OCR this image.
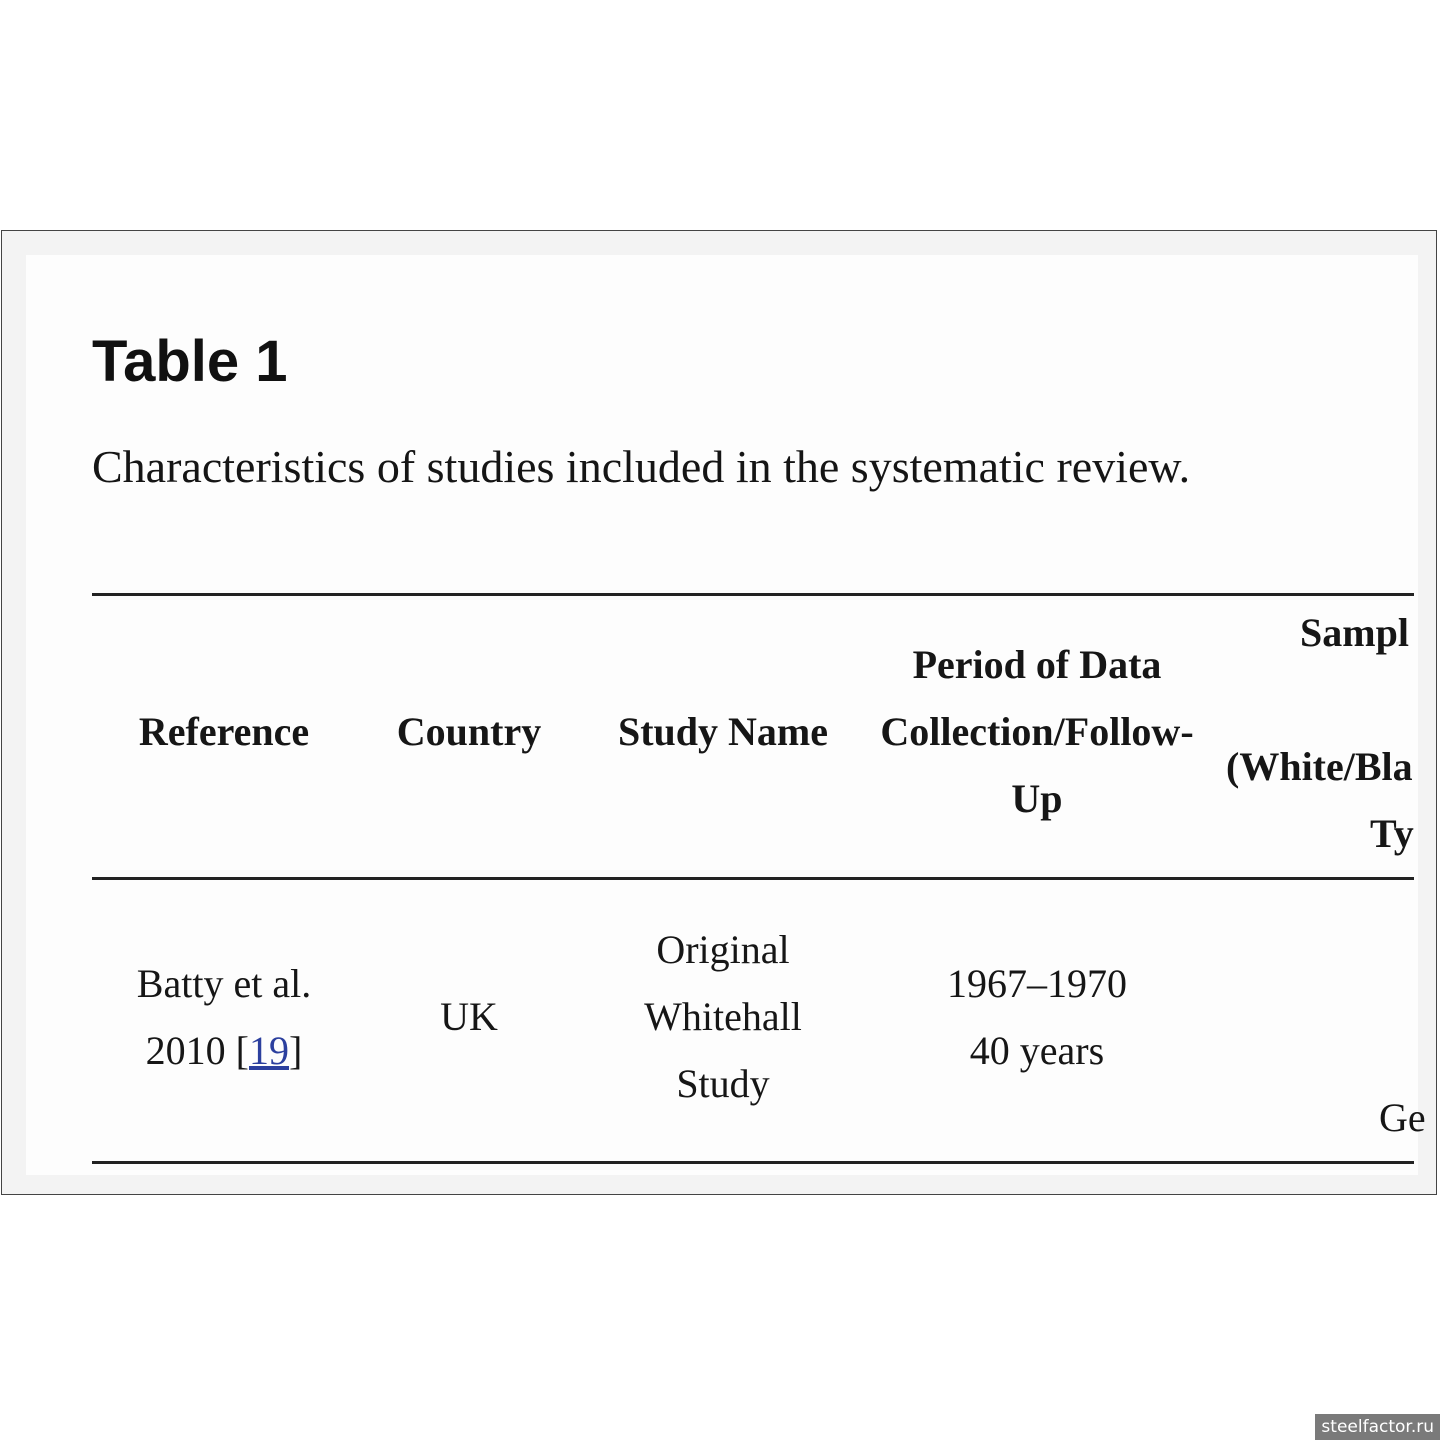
Table 1

Characteristics of studies included in the systematic review.

Reference	Country	Study Name
Period of Data
Collection/Follow-
Up
Sampl
(White/Bla
Ty
Batty et al.
2010 [19]
UK
Original
Whitehall
Study
1967–1970
40 years
Ge
steelfactor.ru
